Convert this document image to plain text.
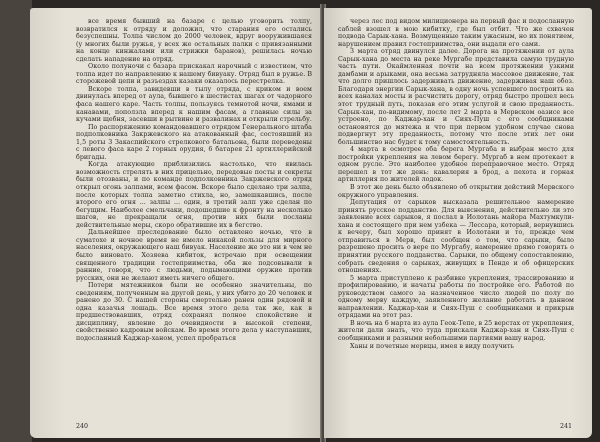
все время бывший на базаре с целью уговорить толпу, возвратился к отряду и доложил, что старания его остались безуспешны. Толпа числом до 2000 человек, вдруг вооружившаяся (у многих были ружья, у всех же остальных палки с привязанными на конце кинжалами или стрижки баранов), решилась ночью сделать нападение на отряд.

Около полуночи с базара прискакал нарочный с известием, что толпа идет по направлению к нашему бивуаку. Отряд был в ружье. В сторожевой цепи и разъездах казаки оказалось перестрелка.

Вскоре толпа, завидевши в тылу отряда, с криком и воем двинулась вперед от аула, бывшего в шестистах шагах от чадорного фаса нашего каре. Часть толпы, пользуясь темнотой ночи, ямами и канавами, поползла вперед к нашим фасам, а главные силы за кучами щебня, засевши в рытвине и развалинах и открыли стрельбу.

По распоряжению командовавшего отрядом Генерального штаба подполковника Закржевского на атакованный фас, состоявший из 1,5 роты 3 Закаспийского стрелкового батальона, были переведены с левого фаса каре 2 горных орудия, 6 батарея 21 артиллерийской бригады.

Когда атакующие приблизились настолько, что явилась возможность стрелять в них прицельно, передовые посты и секреты были отозваны, и по команде подполковника Закржевского отряд открыл огонь залпами, всем фасом. Вскоре было сделано три залпа, после которых толпа заметно стихла, но, замешкавшись, после второго его огня ... залпы ... один, в третий залп уже сделан по бегущим. Наиболее смельчаки, подошедшие к фронту на несколько шагов, не прекращали огня, против них были посланы действительные меры, скоро обратившие их в бегство.

Дальнейшее преследование было оставлено ночью, что в суматохе и ночное время не имело никакой пользы для мирного населения, окружающего наш бивуак. Население же это ни в чем не было виновато. Хозяева кибиток, встречаю при освещении священного традиции гостеприимства, оба же подсовывали в ранние, говоря, что с людьми, подымающими оружие против русских, они не желают иметь ничего общего.

Потери мятежников были не особенно значительны, по сведениям, полученным на другой день, у них убито до 20 человек и ранено до 30. С нашей стороны смертельно ранен один рядовой и одна казачья лошадь. Все время этого дела так же, как в предшествовавших, отряд сохранял полное спокойствие и дисциплину, явление до очевидности в высокой степени, свойственно кадровым войскам. Во время этого дела у наступавших, подосланный Каджар-ханом, успел пробраться

240

через лес под видом милиционера на первый фас и подосланную саблей взошел в мою кибитку, где был отбит. Что же схвачен подвода Сарык-хана. Возмущенные таким ужасным, но их понятием, нарушением правил гостеприимства, они выдали его сами.

3 марта отряд двинулся далее. Дорога на протяжении от аула Сарык-хана до места на реке Мургабе представила самую трудную часть пути. Окаймленная почти на всем протяжении узкими дамбами и арыками, она весьма затрудняла массовое движение, так что долго пришлось задерживать движение, задерживая наш обоз. Благодаря энергии Сарык-хана, в одну ночь успевшего построить на всех каналах мосты и расчистить дорогу, отряд быстро прошел весь этот трудный путь, показав его этим услугой и свою преданность. Сарык-хан, по-видимому, после лет 2 марта в Мервском оазисе все устроено, по Каджар-хан и Сиях-Пуш с его сообщниками остановятся до мятежа и что при первом удобном случае снова подвергнут эту преданность, потому что после этих лет они большинство нас будет к тому самостоятельность.

4 марта в осмотрее оба берега Мургаба и выбран место для постройки укрепления на левом берегу. Мургаб в нем протекает в одном русле. Это наиболее удобное переправочное место. Отряд перешел в тот же день: кавалерия в брод, а пехота и горная артиллерия по жителей лодок.

В этот же день было объявлено об открытии действий Мервского окружного управления.

Депутация от сарыков высказала решительное намерение принять русское подданство. Для выяснения, действительно ли это заявление всех сарыков, я послал в Иолотань майора Махтумкули-хана и состоящего при нем узбека — Лессара, который, вернувшись к вечеру, был хорошо принят в Иолотани и то, прежде чем отправиться в Мерв, был сообщен о том, что сарыки, было разрешено просить о вере по Мургабу, намерение прямо говорить о принятии русского подданства. Сарыки, по общему сопоставлению, собрать сведения о сарыках, живущих в Пенде и об офицерских отношениях.

5 марта приступлено к разбивке укрепления, трассированию и профилированию, и начаты работы по постройке его. Работой по руководством самого за назначенное число людей по полу по одному мерву каждую, заявленного желание работать в данном направлении. Каджар-хан и Сиях-Пуш с сообщниками и прикрыв отрядами на этот раз.

В ночь на 6 марта из аула Геок-Тепе, в 25 верстах от укрепления, жители дали знать, что туда прискали Каджар-хан и Сиях-Пуш с сообщниками и разными небольшими партиями вашу народ.

Ханы и почетные мервцы, имея в виду получить

241
